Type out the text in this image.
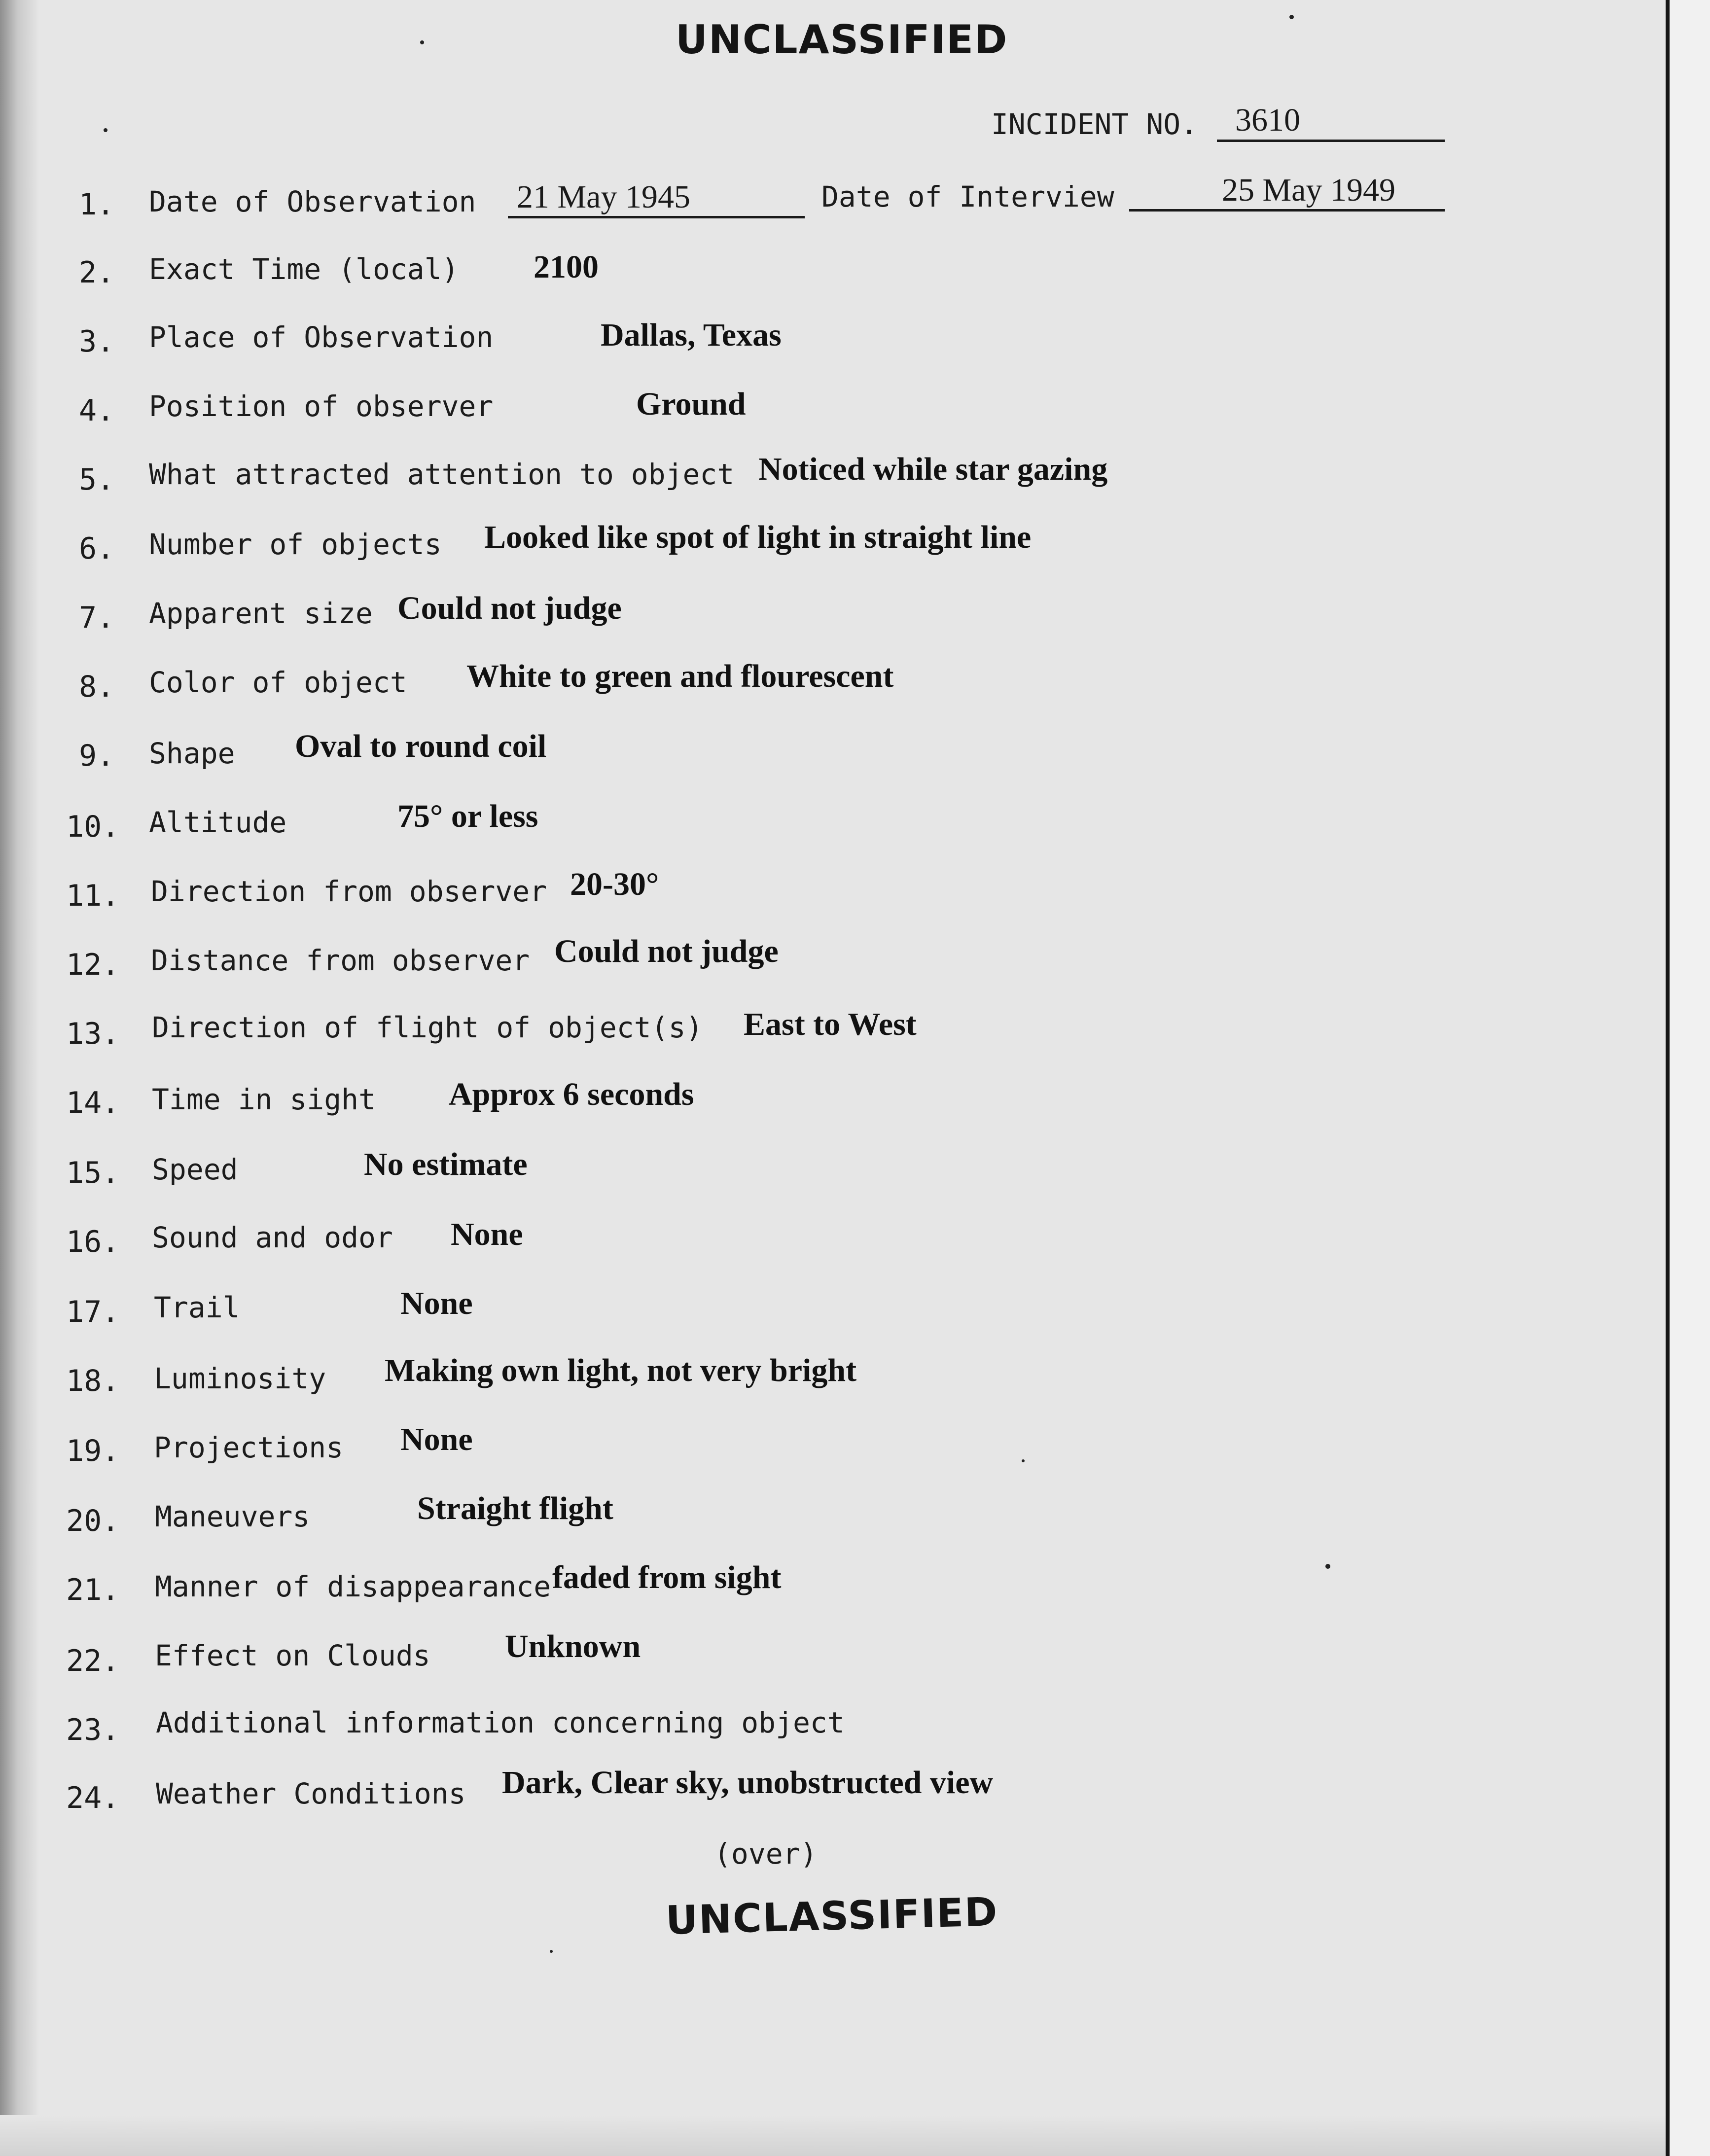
UNCLASSIFIED
INCIDENT NO. 3610
1. Date of Observation 21 May 1945	Date of Interview	25 May 1949
2. Exact Time (local) 2100
3. Place of Observation	Dallas, Texas
4. Position of observer	Ground
5. What attracted attention to object Noticed while star gazing
6. Number of objects Looked like spot of light in straight line
7. Apparent size Could not judge
8. Color of object White to green and flourescent
9. Shape Oval to round coil
10. Altitude	75° or less
11. Direction from observer 20-30°
12. Distance from observer Could not judge
13. Direction of flight of object(s) East to West
14. Time in sight Approx 6 seconds
15. Speed	No estimate
16. Sound and odor None
17. Trail	None
18. Luminosity Making own light, not very bright
19. Projections None
20. Maneuvers	Straight flight
21. Manner of disappearance faded from sight
22. Effect on Clouds Unknown
23. Additional information concerning object
24. Weather Conditions Dark, Clear sky, unobstructed view
(over)
UNCLASSIFIED
